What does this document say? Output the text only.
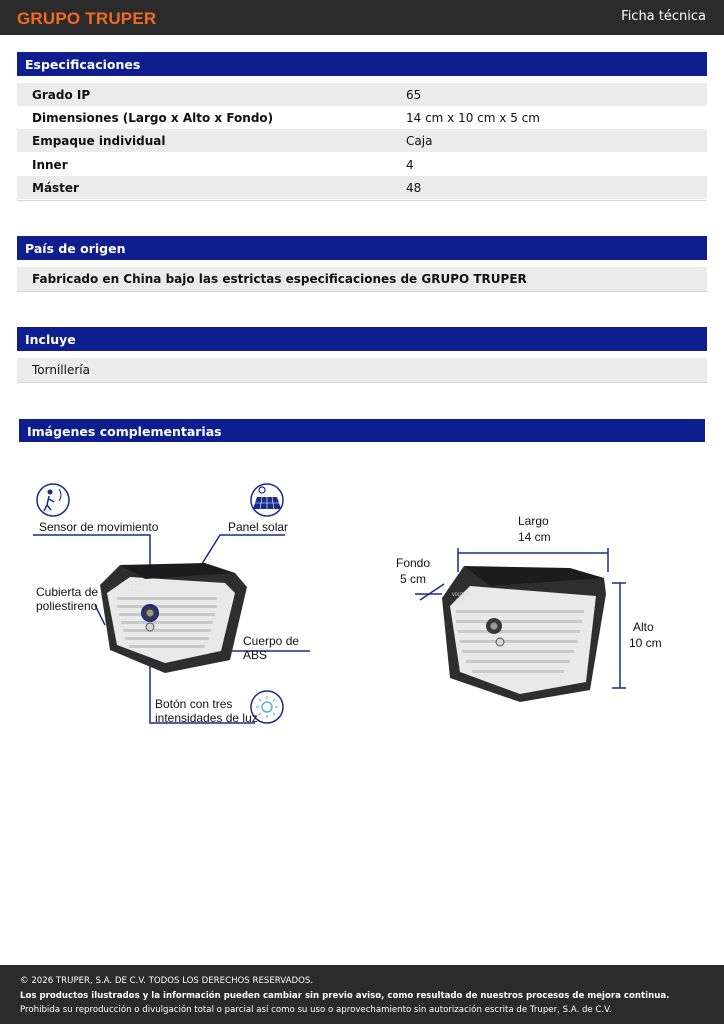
GRUPO TRUPER	Ficha técnica
Especificaciones
Grado IP	65
Dimensiones (Largo x Alto x Fondo)	14 cm x 10 cm x 5 cm
Empaque individual	Caja
Inner	4
Máster	48
País de origen
Fabricado en China bajo las estrictas especificaciones de GRUPO TRUPER
Incluye
Tornillería
Imágenes complementarias
VOLTECK
LAIT
Sensor de movimiento	Panel solar
Cubierta de
poliestireno
Cuerpo de ABS
Botón con tres
intensidades de luz
VOLTECK
LAIT
Largo
14 cm
Fondo
5 cm
Alto
10 cm
© 2026 TRUPER, S.A. DE C.V. TODOS LOS DERECHOS RESERVADOS.
Los productos ilustrados y la información pueden cambiar sin previo aviso, como resultado de nuestros procesos de mejora continua.
Prohibida su reproducción o divulgación total o parcial así como su uso o aprovechamiento sin autorización escrita de Truper, S.A. de C.V.
